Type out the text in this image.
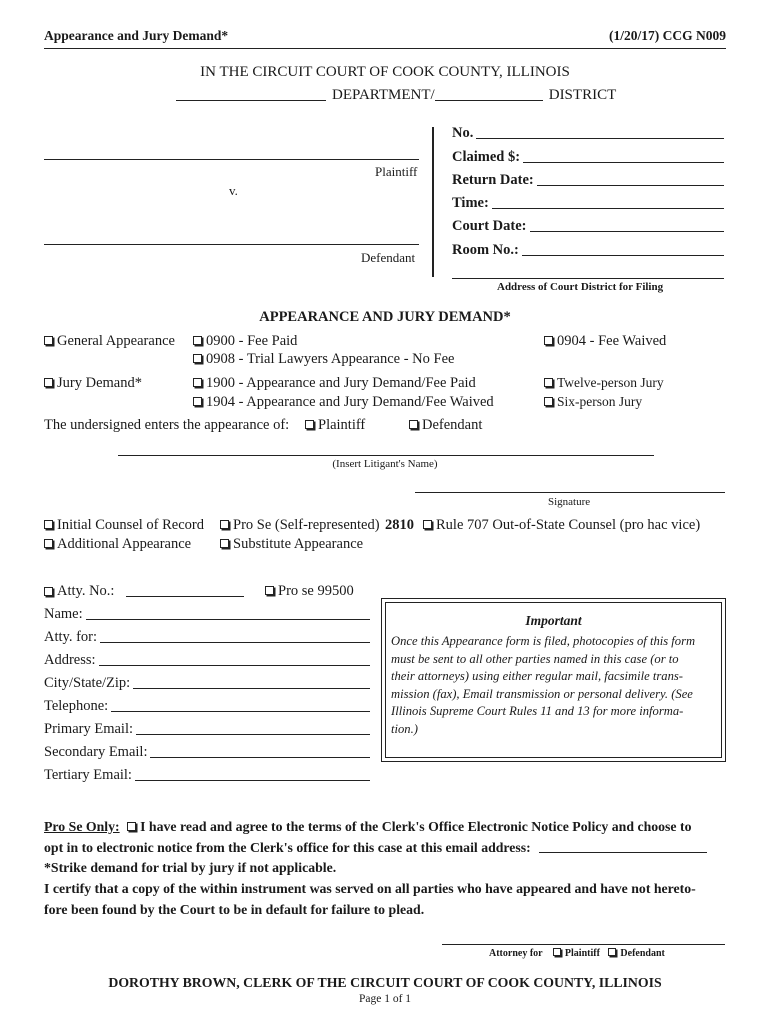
Appearance and Jury Demand*	(1/20/17) CCG N009
IN THE CIRCUIT COURT OF COOK COUNTY, ILLINOIS
DEPARTMENT/	DISTRICT
Plaintiff
v.
Defendant
No.
Claimed $:
Return Date:
Time:
Court Date:
Room No.:
Address of Court District for Filing
APPEARANCE AND JURY DEMAND*
General Appearance	0900 - Fee Paid	0904 - Fee Waived
0908 - Trial Lawyers Appearance - No Fee
Jury Demand*	1900 - Appearance and Jury Demand/Fee Paid	Twelve-person Jury
1904 - Appearance and Jury Demand/Fee Waived	Six-person Jury
The undersigned enters the appearance of:	Plaintiff	Defendant
(Insert Litigant's Name)
Signature
Initial Counsel of Record	Pro Se (Self-represented) 2810	Rule 707 Out-of-State Counsel (pro hac vice)
Additional Appearance	Substitute Appearance
Atty. No.:	Pro se 99500
Name:
Atty. for:
Address:
City/State/Zip:
Telephone:
Primary Email:
Secondary Email:
Tertiary Email:
Important
Once this Appearance form is filed, photocopies of this form
must be sent to all other parties named in this case (or to
their attorneys) using either regular mail, facsimile trans-
mission (fax), Email transmission or personal delivery. (See
Illinois Supreme Court Rules 11 and 13 for more informa-
tion.)
Pro Se Only: I have read and agree to the terms of the Clerk's Office Electronic Notice Policy and choose to
opt in to electronic notice from the Clerk's office for this case at this email address:
*Strike demand for trial by jury if not applicable.
I certify that a copy of the within instrument was served on all parties who have appeared and have not hereto-
fore been found by the Court to be in default for failure to plead.
Attorney for Plaintiff Defendant
DOROTHY BROWN, CLERK OF THE CIRCUIT COURT OF COOK COUNTY, ILLINOIS
Page 1 of 1
